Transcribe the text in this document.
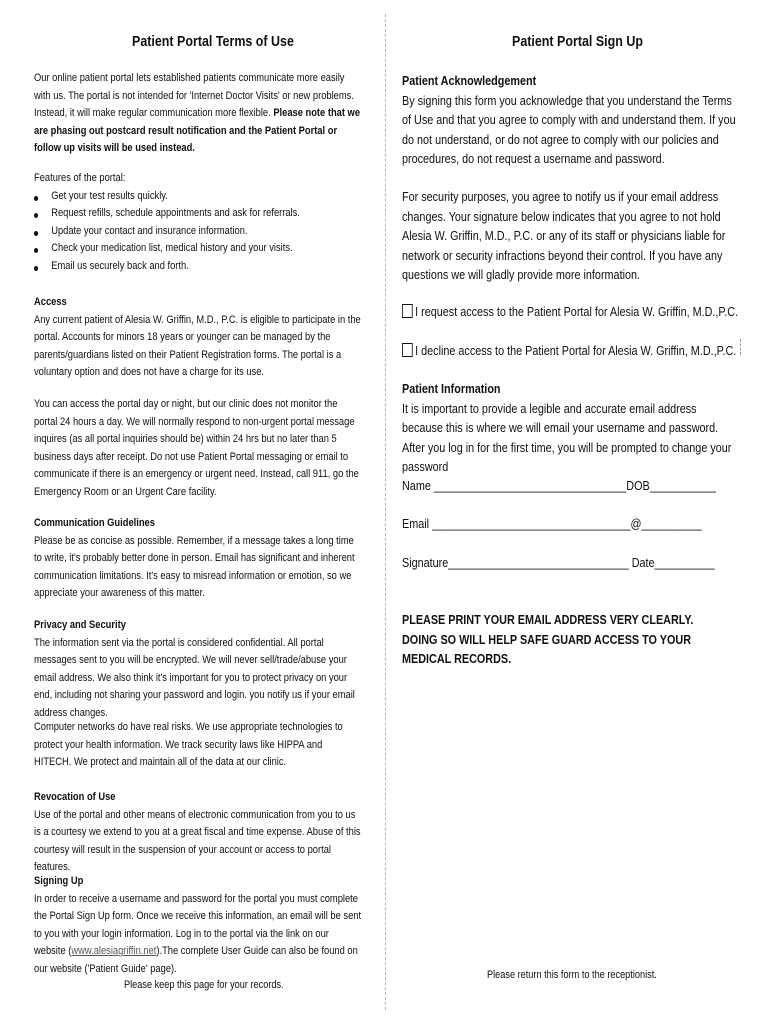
Patient Portal Terms of Use
Our online patient portal lets established patients communicate more easily with us. The portal is not intended for 'Internet Doctor Visits' or new problems. Instead, it will make regular communication more flexible. Please note that we are phasing out postcard result notification and the Patient Portal or follow up visits will be used instead.
Features of the portal:
Get your test results quickly.
Request refills, schedule appointments and ask for referrals.
Update your contact and insurance information.
Check your medication list, medical history and your visits.
Email us securely back and forth.
Access
Any current patient of Alesia W. Griffin, M.D., P.C. is eligible to participate in the portal. Accounts for minors 18 years or younger can be managed by the parents/guardians listed on their Patient Registration forms. The portal is a voluntary option and does not have a charge for its use.
You can access the portal day or night, but our clinic does not monitor the portal 24 hours a day. We will normally respond to non-urgent portal message inquires (as all portal inquiries should be) within 24 hrs but no later than 5 business days after receipt. Do not use Patient Portal messaging or email to communicate if there is an emergency or urgent need. Instead, call 911, go the Emergency Room or an Urgent Care facility.
Communication Guidelines
Please be as concise as possible. Remember, if a message takes a long time to write, it's probably better done in person. Email has significant and inherent communication limitations. It's easy to misread information or emotion, so we appreciate your awareness of this matter.
Privacy and Security
The information sent via the portal is considered confidential. All portal messages sent to you will be encrypted. We will never sell/trade/abuse your email address. We also think it's important for you to protect privacy on your end, including not sharing your password and login. you notify us if your email address changes.
Computer networks do have real risks. We use appropriate technologies to protect your health information. We track security laws like HIPPA and HITECH. We protect and maintain all of the data at our clinic.
Revocation of Use
Use of the portal and other means of electronic communication from you to us is a courtesy we extend to you at a great fiscal and time expense. Abuse of this courtesy will result in the suspension of your account or access to portal features.
Signing Up
In order to receive a username and password for the portal you must complete the Portal Sign Up form. Once we receive this information, an email will be sent to you with your login information. Log in to the portal via the link on our website (www.alesiagriffin.net).The complete User Guide can also be found on our website ('Patient Guide' page).
Please keep this page for your records.
Patient Portal Sign Up
Patient Acknowledgement
By signing this form you acknowledge that you understand the Terms of Use and that you agree to comply with and understand them. If you do not understand, or do not agree to comply with our policies and procedures, do not request a username and password.
For security purposes, you agree to notify us if your email address changes. Your signature below indicates that you agree to not hold Alesia W. Griffin, M.D., P.C. or any of its staff or physicians liable for network or security infractions beyond their control. If you have any questions we will gladly provide more information.
I request access to the Patient Portal for Alesia W. Griffin, M.D.,P.C.
I decline access to the Patient Portal for Alesia W. Griffin, M.D.,P.C.
Patient Information
It is important to provide a legible and accurate email address because this is where we will email your username and password. After you log in for the first time, you will be prompted to change your password
Name ________________________________DOB___________
Email _________________________________@__________
Signature______________________________ Date__________
PLEASE PRINT YOUR EMAIL ADDRESS VERY CLEARLY. DOING SO WILL HELP SAFE GUARD ACCESS TO YOUR MEDICAL RECORDS.
Please return this form to the receptionist.
